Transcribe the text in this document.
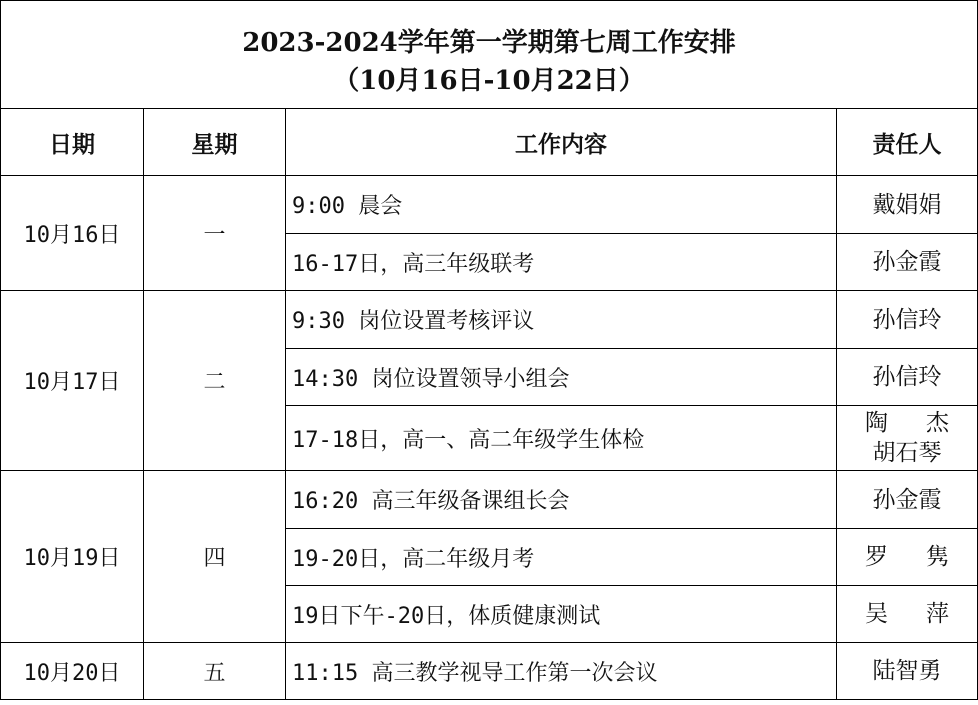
2023-2024学年第一学期第七周工作安排
（10月16日-10月22日）
日期	星期	工作内容	责任人
10月16日	一	9:00 晨会	戴娟娟
		16-17日，高三年级联考	孙金霞
10月17日	二	9:30 岗位设置考核评议	孙信玲
		14:30 岗位设置领导小组会	孙信玲
		17-18日，高一、高二年级学生体检	陶 杰
胡石琴

10月19日	四	16:20 高三年级备课组长会	孙金霞
		19-20日，高二年级月考	罗 隽

		19日下午-20日，体质健康测试	吴 萍

10月20日	五	11:15 高三教学视导工作第一次会议	陆智勇
